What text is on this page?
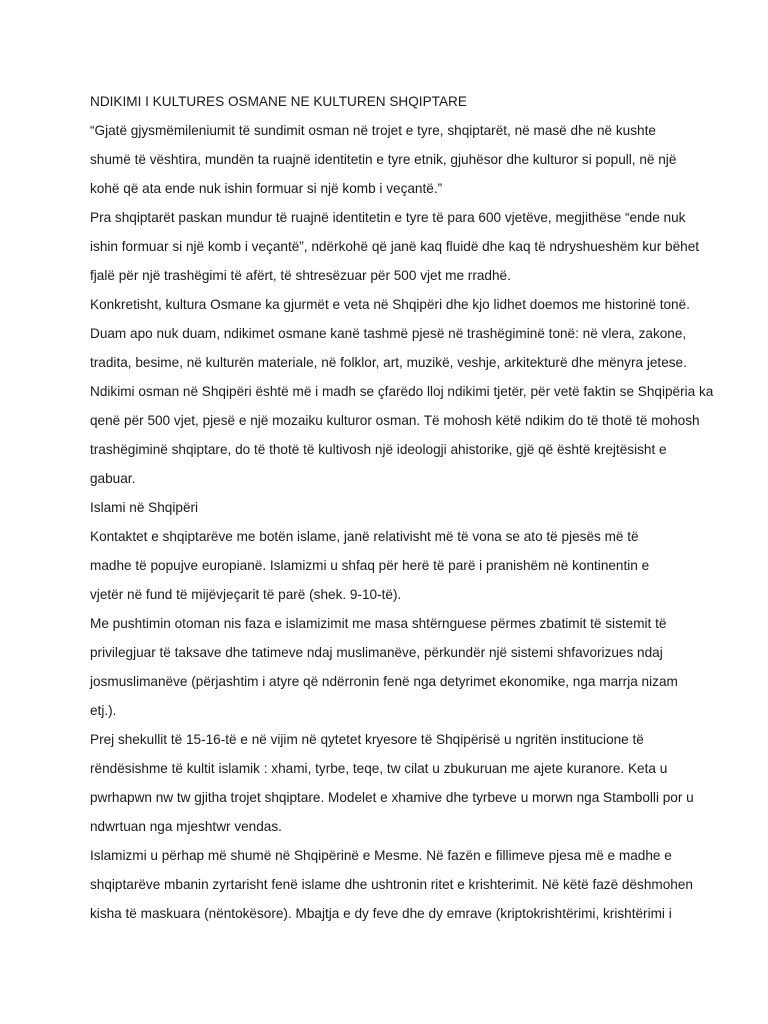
NDIKIMI I KULTURES OSMANE NE KULTUREN SHQIPTARE
“Gjatë gjysmëmileniumit të sundimit osman në trojet e tyre, shqiptarët, në masë dhe në kushte
shumë të vështira, mundën ta ruajnë identitetin e tyre etnik, gjuhësor dhe kulturor si popull, në një
kohë që ata ende nuk ishin formuar si një komb i veçantë.”
Pra shqiptarët paskan mundur të ruajnë identitetin e tyre të para 600 vjetëve, megjithëse “ende nuk
ishin formuar si një komb i veçantë”, ndërkohë që janë kaq fluidë dhe kaq të ndryshueshëm kur bëhet
fjalë për një trashëgimi të afërt, të shtresëzuar për 500 vjet me rradhë.
Konkretisht, kultura Osmane ka gjurmët e veta në Shqipëri dhe kjo lidhet doemos me historinë tonë.
Duam apo nuk duam, ndikimet osmane kanë tashmë pjesë në trashëgiminë tonë: në vlera, zakone,
tradita, besime, në kulturën materiale, në folklor, art, muzikë, veshje, arkitekturë dhe mënyra jetese.
Ndikimi osman në Shqipëri është më i madh se çfarëdo lloj ndikimi tjetër, për vetë faktin se Shqipëria ka
qenë për 500 vjet, pjesë e një mozaiku kulturor osman. Të mohosh këtë ndikim do të thotë të mohosh
trashëgiminë shqiptare, do të thotë të kultivosh një ideologji ahistorike, gjë që është krejtësisht e
gabuar.
Islami në Shqipëri
Kontaktet e shqiptarëve me botën islame, janë relativisht më të vona se ato të pjesës më të
madhe të popujve europianë. Islamizmi u shfaq për herë të parë i pranishëm në kontinentin e
vjetër në fund të mijëvjeçarit të parë (shek. 9-10-të).
Me pushtimin otoman nis faza e islamizimit me masa shtërnguese përmes zbatimit të sistemit të
privilegjuar të taksave dhe tatimeve ndaj muslimanëve, përkundër një sistemi shfavorizues ndaj
josmuslimanëve (përjashtim i atyre që ndërronin fenë nga detyrimet ekonomike, nga marrja nizam
etj.).
Prej shekullit të 15-16-të e në vijim në qytetet kryesore të Shqipërisë u ngritën institucione të
rëndësishme të kultit islamik : xhami, tyrbe, teqe, tw cilat u zbukuruan me ajete kuranore. Keta u
pwrhapwn nw tw gjitha trojet shqiptare. Modelet e xhamive dhe tyrbeve u morwn nga Stambolli por u
ndwrtuan nga mjeshtwr vendas.
Islamizmi u përhap më shumë në Shqipërinë e Mesme. Në fazën e fillimeve pjesa më e madhe e
shqiptarëve mbanin zyrtarisht fenë islame dhe ushtronin ritet e krishterimit. Në këtë fazë dëshmohen
kisha të maskuara (nëntokësore). Mbajtja e dy feve dhe dy emrave (kriptokrishtërimi, krishtërimi i
